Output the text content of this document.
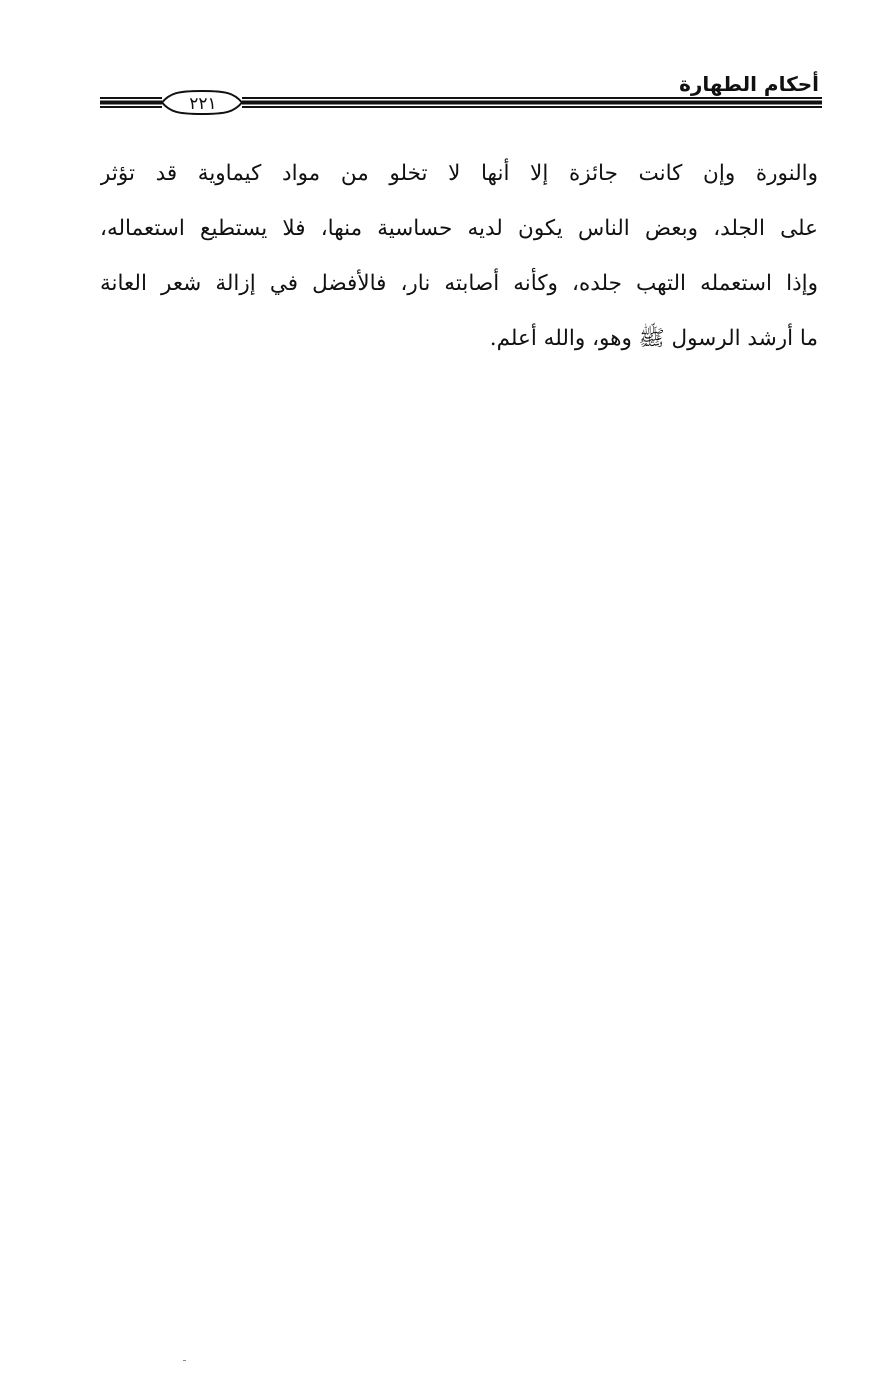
أحكام الطهارة
٢٢١
والنورة وإن كانت جائزة إلا أنها لا تخلو من مواد كيماوية قد تؤثر
على الجلد، وبعض الناس يكون لديه حساسية منها، فلا يستطيع استعماله،
وإذا استعمله التهب جلده، وكأنه أصابته نار، فالأفضل في إزالة شعر العانة
ما أرشد الرسول ﷺ وهو، والله أعلم.
